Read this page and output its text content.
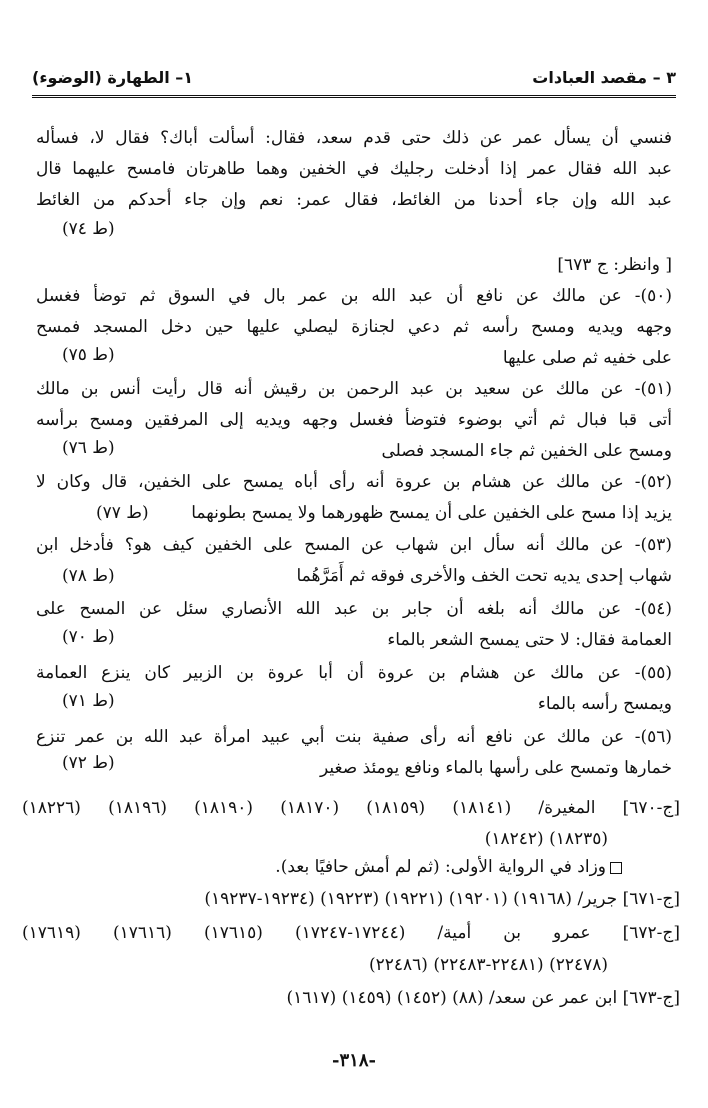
٣ – مقصد العبادات
١– الطهارة (الوضوء)
فنسي أن يسأل عمر عن ذلك حتى قدم سعد، فقال: أسألت أباك؟ فقال لا، فسأله
عبد الله فقال عمر إذا أدخلت رجليك في الخفين وهما طاهرتان فامسح عليهما قال
عبد الله وإن جاء أحدنا من الغائط، فقال عمر: نعم وإن جاء أحدكم من الغائط
(ط ٧٤)
[ وانظر: ج ٦٧٣]
(٥٠)- عن مالك عن نافع أن عبد الله بن عمر بال في السوق ثم توضأ فغسل
وجهه ويديه ومسح رأسه ثم دعي لجنازة ليصلي عليها حين دخل المسجد فمسح
على خفيه ثم صلى عليها
(ط ٧٥)
(٥١)- عن مالك عن سعيد بن عبد الرحمن بن رقيش أنه قال رأيت أنس بن مالك
أتى قبا فبال ثم أتي بوضوء فتوضأ فغسل وجهه ويديه إلى المرفقين ومسح برأسه
ومسح على الخفين ثم جاء المسجد فصلى
(ط ٧٦)
(٥٢)- عن مالك عن هشام بن عروة أنه رأى أباه يمسح على الخفين، قال وكان لا
يزيد إذا مسح على الخفين على أن يمسح ظهورهما ولا يمسح بطونهما
(ط ٧٧)
(٥٣)- عن مالك أنه سأل ابن شهاب عن المسح على الخفين كيف هو؟ فأدخل ابن
شهاب إحدى يديه تحت الخف والأخرى فوقه ثم أَمَرَّهُما
(ط ٧٨)
(٥٤)- عن مالك أنه بلغه أن جابر بن عبد الله الأنصاري سئل عن المسح على
العمامة فقال: لا حتى يمسح الشعر بالماء
(ط ٧٠)
(٥٥)- عن مالك عن هشام بن عروة أن أبا عروة بن الزبير كان ينزع العمامة
ويمسح رأسه بالماء
(ط ٧١)
(٥٦)- عن مالك عن نافع أنه رأى صفية بنت أبي عبيد امرأة عبد الله بن عمر تنزع
خمارها وتمسح على رأسها بالماء ونافع يومئذ صغير
(ط ٧٢)
[ج-٦٧٠] المغيرة/ (١٨١٤١) (١٨١٥٩) (١٨١٧٠) (١٨١٩٠) (١٨١٩٦) (١٨٢٢٦)
(١٨٢٣٥) (١٨٢٤٢)
وزاد في الرواية الأولى: (ثم لم أمش حافيًا بعد).
[ج-٦٧١] جرير/ (١٩١٦٨) (١٩٢٠١) (١٩٢٢١) (١٩٢٢٣) (١٩٢٣٤-١٩٢٣٧)
[ج-٦٧٢] عمرو بن أمية/ (١٧٢٤٤-١٧٢٤٧) (١٧٦١٥) (١٧٦١٦) (١٧٦١٩)
(٢٢٤٧٨) (٢٢٤٨١-٢٢٤٨٣) (٢٢٤٨٦)
[ج-٦٧٣] ابن عمر عن سعد/ (٨٨) (١٤٥٢) (١٤٥٩) (١٦١٧)
-٣١٨-
